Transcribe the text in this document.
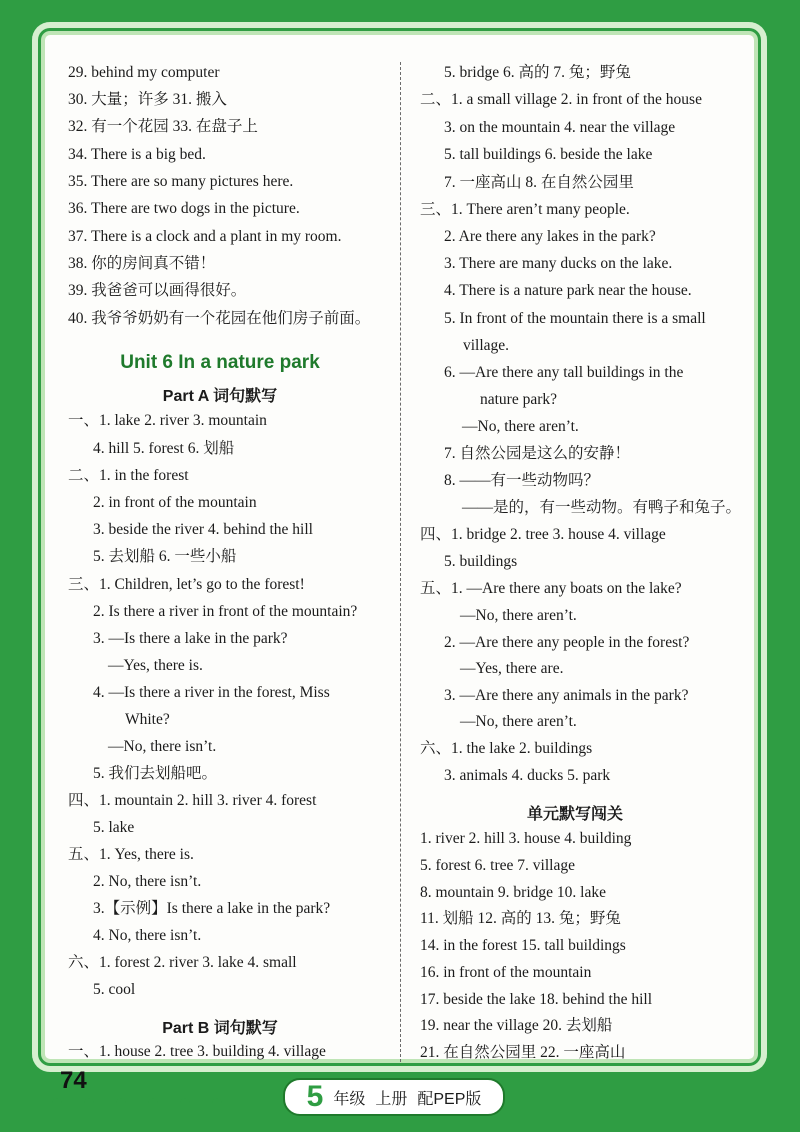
29. behind my computer
30. 大量；许多 31. 搬入
32. 有一个花园 33. 在盘子上
34. There is a big bed.
35. There are so many pictures here.
36. There are two dogs in the picture.
37. There is a clock and a plant in my room.
38. 你的房间真不错！
39. 我爸爸可以画得很好。
40. 我爷爷奶奶有一个花园在他们房子前面。
Unit 6 In a nature park
Part A 词句默写
一、1. lake 2. river 3. mountain
4. hill 5. forest 6. 划船
二、1. in the forest
2. in front of the mountain
3. beside the river 4. behind the hill
5. 去划船 6. 一些小船
三、1. Children, let’s go to the forest!
2. Is there a river in front of the mountain?
3. —Is there a lake in the park?
—Yes, there is.
4. —Is there a river in the forest, Miss
White?
—No, there isn’t.
5. 我们去划船吧。
四、1. mountain 2. hill 3. river 4. forest
5. lake
五、1. Yes, there is.
2. No, there isn’t.
3.【示例】Is there a lake in the park?
4. No, there isn’t.
六、1. forest 2. river 3. lake 4. small
5. cool
Part B 词句默写
一、1. house 2. tree 3. building 4. village
5. bridge 6. 高的 7. 兔；野兔
二、1. a small village 2. in front of the house
3. on the mountain 4. near the village
5. tall buildings 6. beside the lake
7. 一座高山 8. 在自然公园里
三、1. There aren’t many people.
2. Are there any lakes in the park?
3. There are many ducks on the lake.
4. There is a nature park near the house.
5. In front of the mountain there is a small
village.
6. —Are there any tall buildings in the
nature park?
—No, there aren’t.
7. 自然公园是这么的安静！
8. ——有一些动物吗？
——是的，有一些动物。有鸭子和兔子。
四、1. bridge 2. tree 3. house 4. village
5. buildings
五、1. —Are there any boats on the lake?
—No, there aren’t.
2. —Are there any people in the forest?
—Yes, there are.
3. —Are there any animals in the park?
—No, there aren’t.
六、1. the lake 2. buildings
3. animals 4. ducks 5. park
单元默写闯关
1. river 2. hill 3. house 4. building
5. forest 6. tree 7. village
8. mountain 9. bridge 10. lake
11. 划船 12. 高的 13. 兔；野兔
14. in the forest 15. tall buildings
16. in front of the mountain
17. beside the lake 18. behind the hill
19. near the village 20. 去划船
21. 在自然公园里 22. 一座高山
74	5 年级 上册 配PEP版
